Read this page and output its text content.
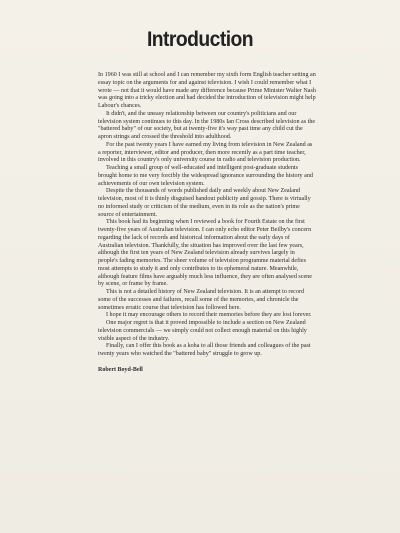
Introduction

In 1960 I was still at school and I can remember my sixth form English teacher setting an essay topic on the arguments for and against television. I wish I could remember what I wrote — not that it would have made any difference because Prime Minister Walter Nash was going into a tricky election and had decided the introduction of television might help Labour's chances.

It didn't, and the uneasy relationship between our country's politicians and our television system continues to this day. In the 1980s Ian Cross described television as the "battered baby" of our society, but at twenty-five it's way past time any child cut the apron strings and crossed the threshold into adulthood.

For the past twenty years I have earned my living from television in New Zealand as a reporter, interviewer, editor and producer, then more recently as a part time teacher, involved in this country's only university course in radio and television production.

Teaching a small group of well-educated and intelligent post-graduate students brought home to me very forcibly the widespread ignorance surrounding the history and achievements of our own television system.

Despite the thousands of words published daily and weekly about New Zealand television, most of it is thinly disguised handout publicity and gossip. There is virtually no informed study or criticism of the medium, even in its role as the nation's prime source of entertainment.

This book had its beginning when I reviewed a book for Fourth Estate on the first twenty-five years of Australian television. I can only echo editor Peter Beilby's concern regarding the lack of records and historical information about the early days of Australian television. Thankfully, the situation has improved over the last few years, although the first ten years of New Zealand television already survives largely in people's fading memories. The sheer volume of television programme material defies most attempts to study it and only contributes to its ephemeral nature. Meanwhile, although feature films have arguably much less influence, they are often analysed scene by scene, or frame by frame.

This is not a detailed history of New Zealand television. It is an attempt to record some of the successes and failures, recall some of the memories, and chronicle the sometimes erratic course that television has followed here.

I hope it may encourage others to record their memories before they are lost forever.

One major regret is that it proved impossible to include a section on New Zealand television commercials — we simply could not collect enough material on this highly visible aspect of the industry.

Finally, can I offer this book as a koha to all those friends and colleagues of the past twenty years who watched the "battered baby" struggle to grow up.

Robert Boyd-Bell
